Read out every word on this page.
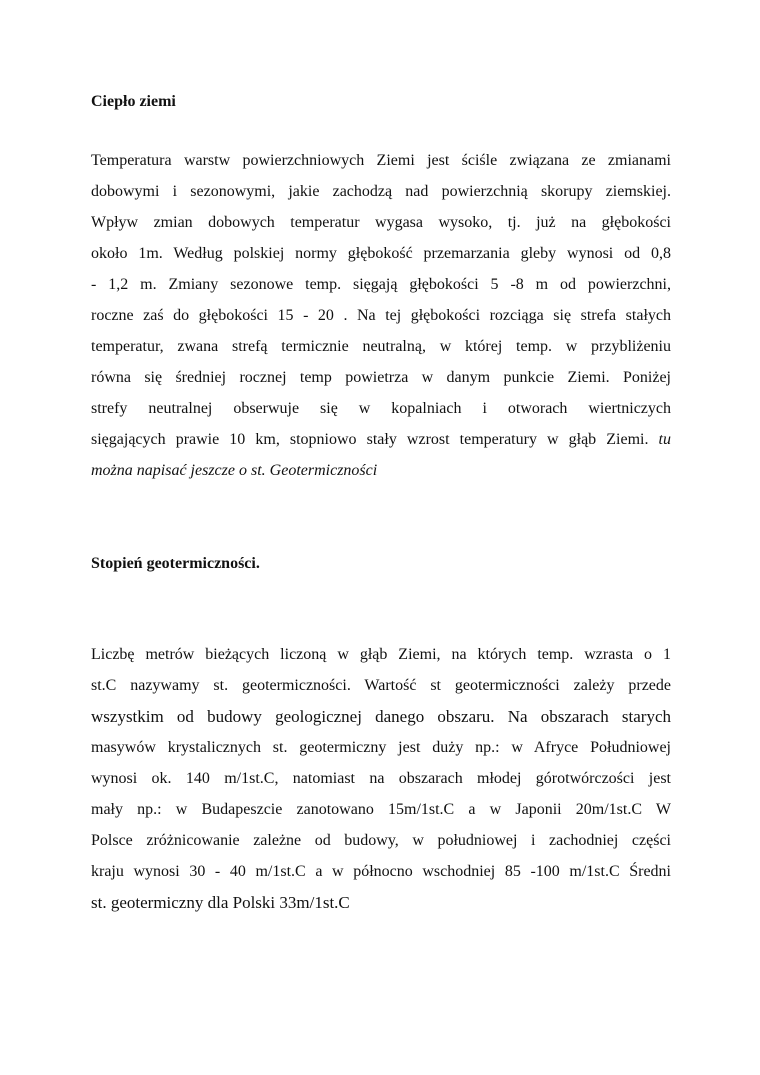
Ciepło ziemi
Temperatura warstw powierzchniowych Ziemi jest ściśle związana ze zmianami
dobowymi i sezonowymi, jakie zachodzą nad powierzchnią skorupy ziemskiej.
Wpływ zmian dobowych temperatur wygasa wysoko, tj. już na głębokości
około 1m. Według polskiej normy głębokość przemarzania gleby wynosi od 0,8
- 1,2 m. Zmiany sezonowe temp. sięgają głębokości 5 -8 m od powierzchni,
roczne zaś do głębokości 15 - 20 . Na tej głębokości rozciąga się strefa stałych
temperatur, zwana strefą termicznie neutralną, w której temp. w przybliżeniu
równa się średniej rocznej temp powietrza w danym punkcie Ziemi. Poniżej
strefy neutralnej obserwuje się w kopalniach i otworach wiertniczych
sięgających prawie 10 km, stopniowo stały wzrost temperatury w głąb Ziemi. tu
można napisać jeszcze o st. Geotermiczności
Stopień geotermiczności.
Liczbę metrów bieżących liczoną w głąb Ziemi, na których temp. wzrasta o 1
st.C nazywamy st. geotermiczności. Wartość st geotermiczności zależy przede
wszystkim od budowy geologicznej danego obszaru. Na obszarach starych
masywów krystalicznych st. geotermiczny jest duży np.: w Afryce Południowej
wynosi ok. 140 m/1st.C, natomiast na obszarach młodej górotwórczości jest
mały np.: w Budapeszcie zanotowano 15m/1st.C a w Japonii 20m/1st.C W
Polsce zróżnicowanie zależne od budowy, w południowej i zachodniej części
kraju wynosi 30 - 40 m/1st.C a w północno wschodniej 85 -100 m/1st.C Średni
st. geotermiczny dla Polski 33m/1st.C
